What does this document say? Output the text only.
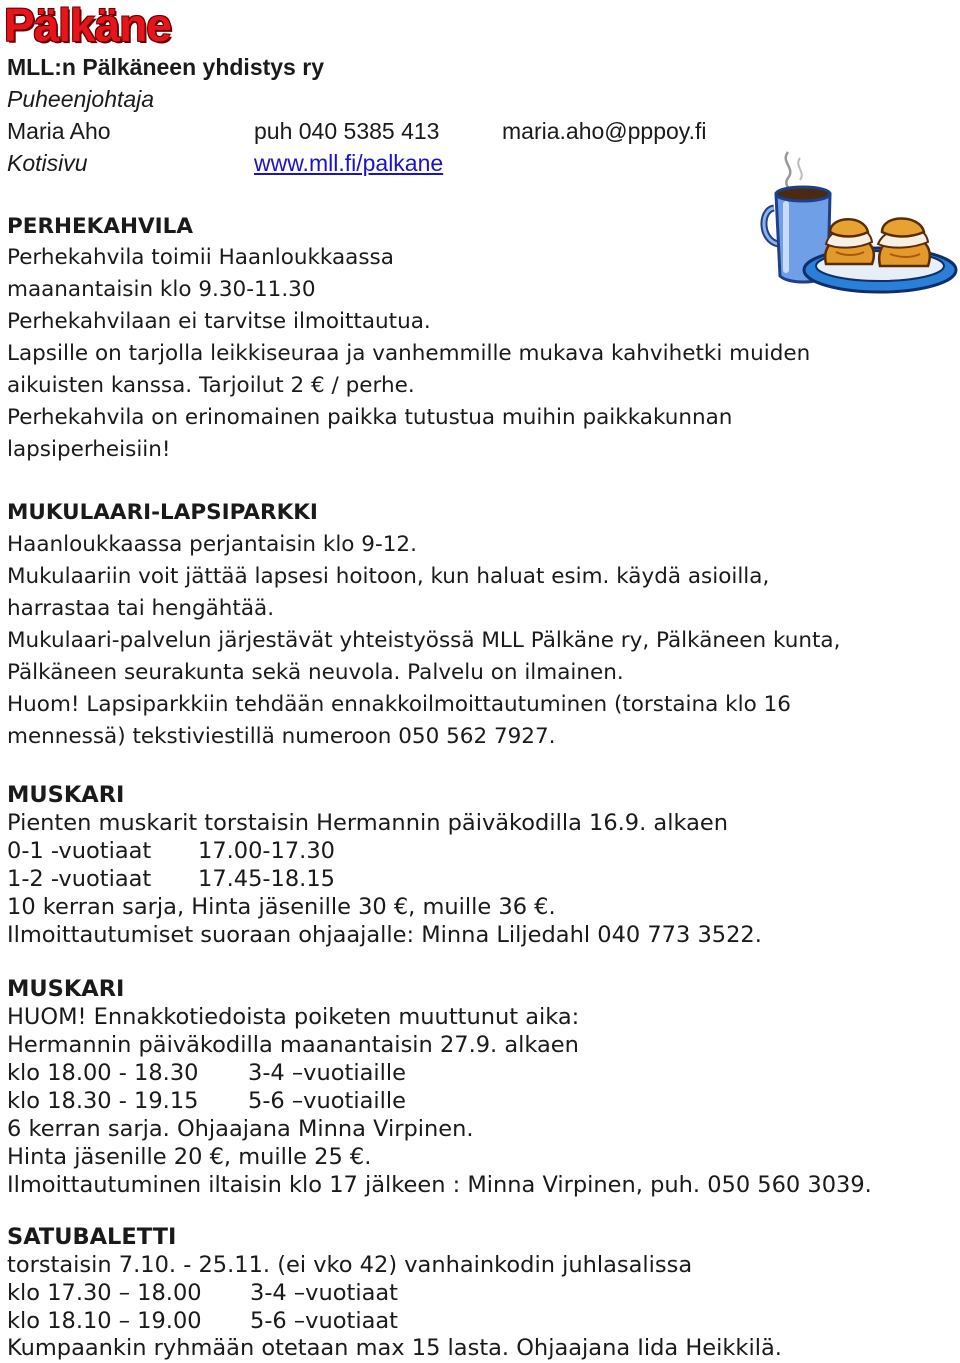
Pälkäne
MLL:n Pälkäneen yhdistys ry
Puheenjohtaja
Maria Aho	puh 040 5385 413	maria.aho@pppoy.fi
Kotisivu	www.mll.fi/palkane
PERHEKAHVILA
Perhekahvila toimii Haanloukkaassa
maanantaisin klo 9.30-11.30
Perhekahvilaan ei tarvitse ilmoittautua.
Lapsille on tarjolla leikkiseuraa ja vanhemmille mukava kahvihetki muiden
aikuisten kanssa. Tarjoilut 2 € / perhe.
Perhekahvila on erinomainen paikka tutustua muihin paikkakunnan
lapsiperheisiin!
MUKULAARI-LAPSIPARKKI
Haanloukkaassa perjantaisin klo 9-12.
Mukulaariin voit jättää lapsesi hoitoon, kun haluat esim. käydä asioilla,
harrastaa tai hengähtää.
Mukulaari-palvelun järjestävät yhteistyössä MLL Pälkäne ry, Pälkäneen kunta,
Pälkäneen seurakunta sekä neuvola. Palvelu on ilmainen.
Huom! Lapsiparkkiin tehdään ennakkoilmoittautuminen (torstaina klo 16
mennessä) tekstiviestillä numeroon 050 562 7927.
MUSKARI
Pienten muskarit torstaisin Hermannin päiväkodilla 16.9. alkaen
0-1 -vuotiaat 17.00-17.30
1-2 -vuotiaat 17.45-18.15
10 kerran sarja, Hinta jäsenille 30 €, muille 36 €.
Ilmoittautumiset suoraan ohjaajalle: Minna Liljedahl 040 773 3522.
MUSKARI
HUOM! Ennakkotiedoista poiketen muuttunut aika:
Hermannin päiväkodilla maanantaisin 27.9. alkaen
klo 18.00 - 18.30 3-4 –vuotiaille
klo 18.30 - 19.15 5-6 –vuotiaille
6 kerran sarja. Ohjaajana Minna Virpinen.
Hinta jäsenille 20 €, muille 25 €.
Ilmoittautuminen iltaisin klo 17 jälkeen : Minna Virpinen, puh. 050 560 3039.
SATUBALETTI
torstaisin 7.10. - 25.11. (ei vko 42) vanhainkodin juhlasalissa
klo 17.30 – 18.00 3-4 –vuotiaat
klo 18.10 – 19.00 5-6 –vuotiaat
Kumpaankin ryhmään otetaan max 15 lasta. Ohjaajana Iida Heikkilä.
